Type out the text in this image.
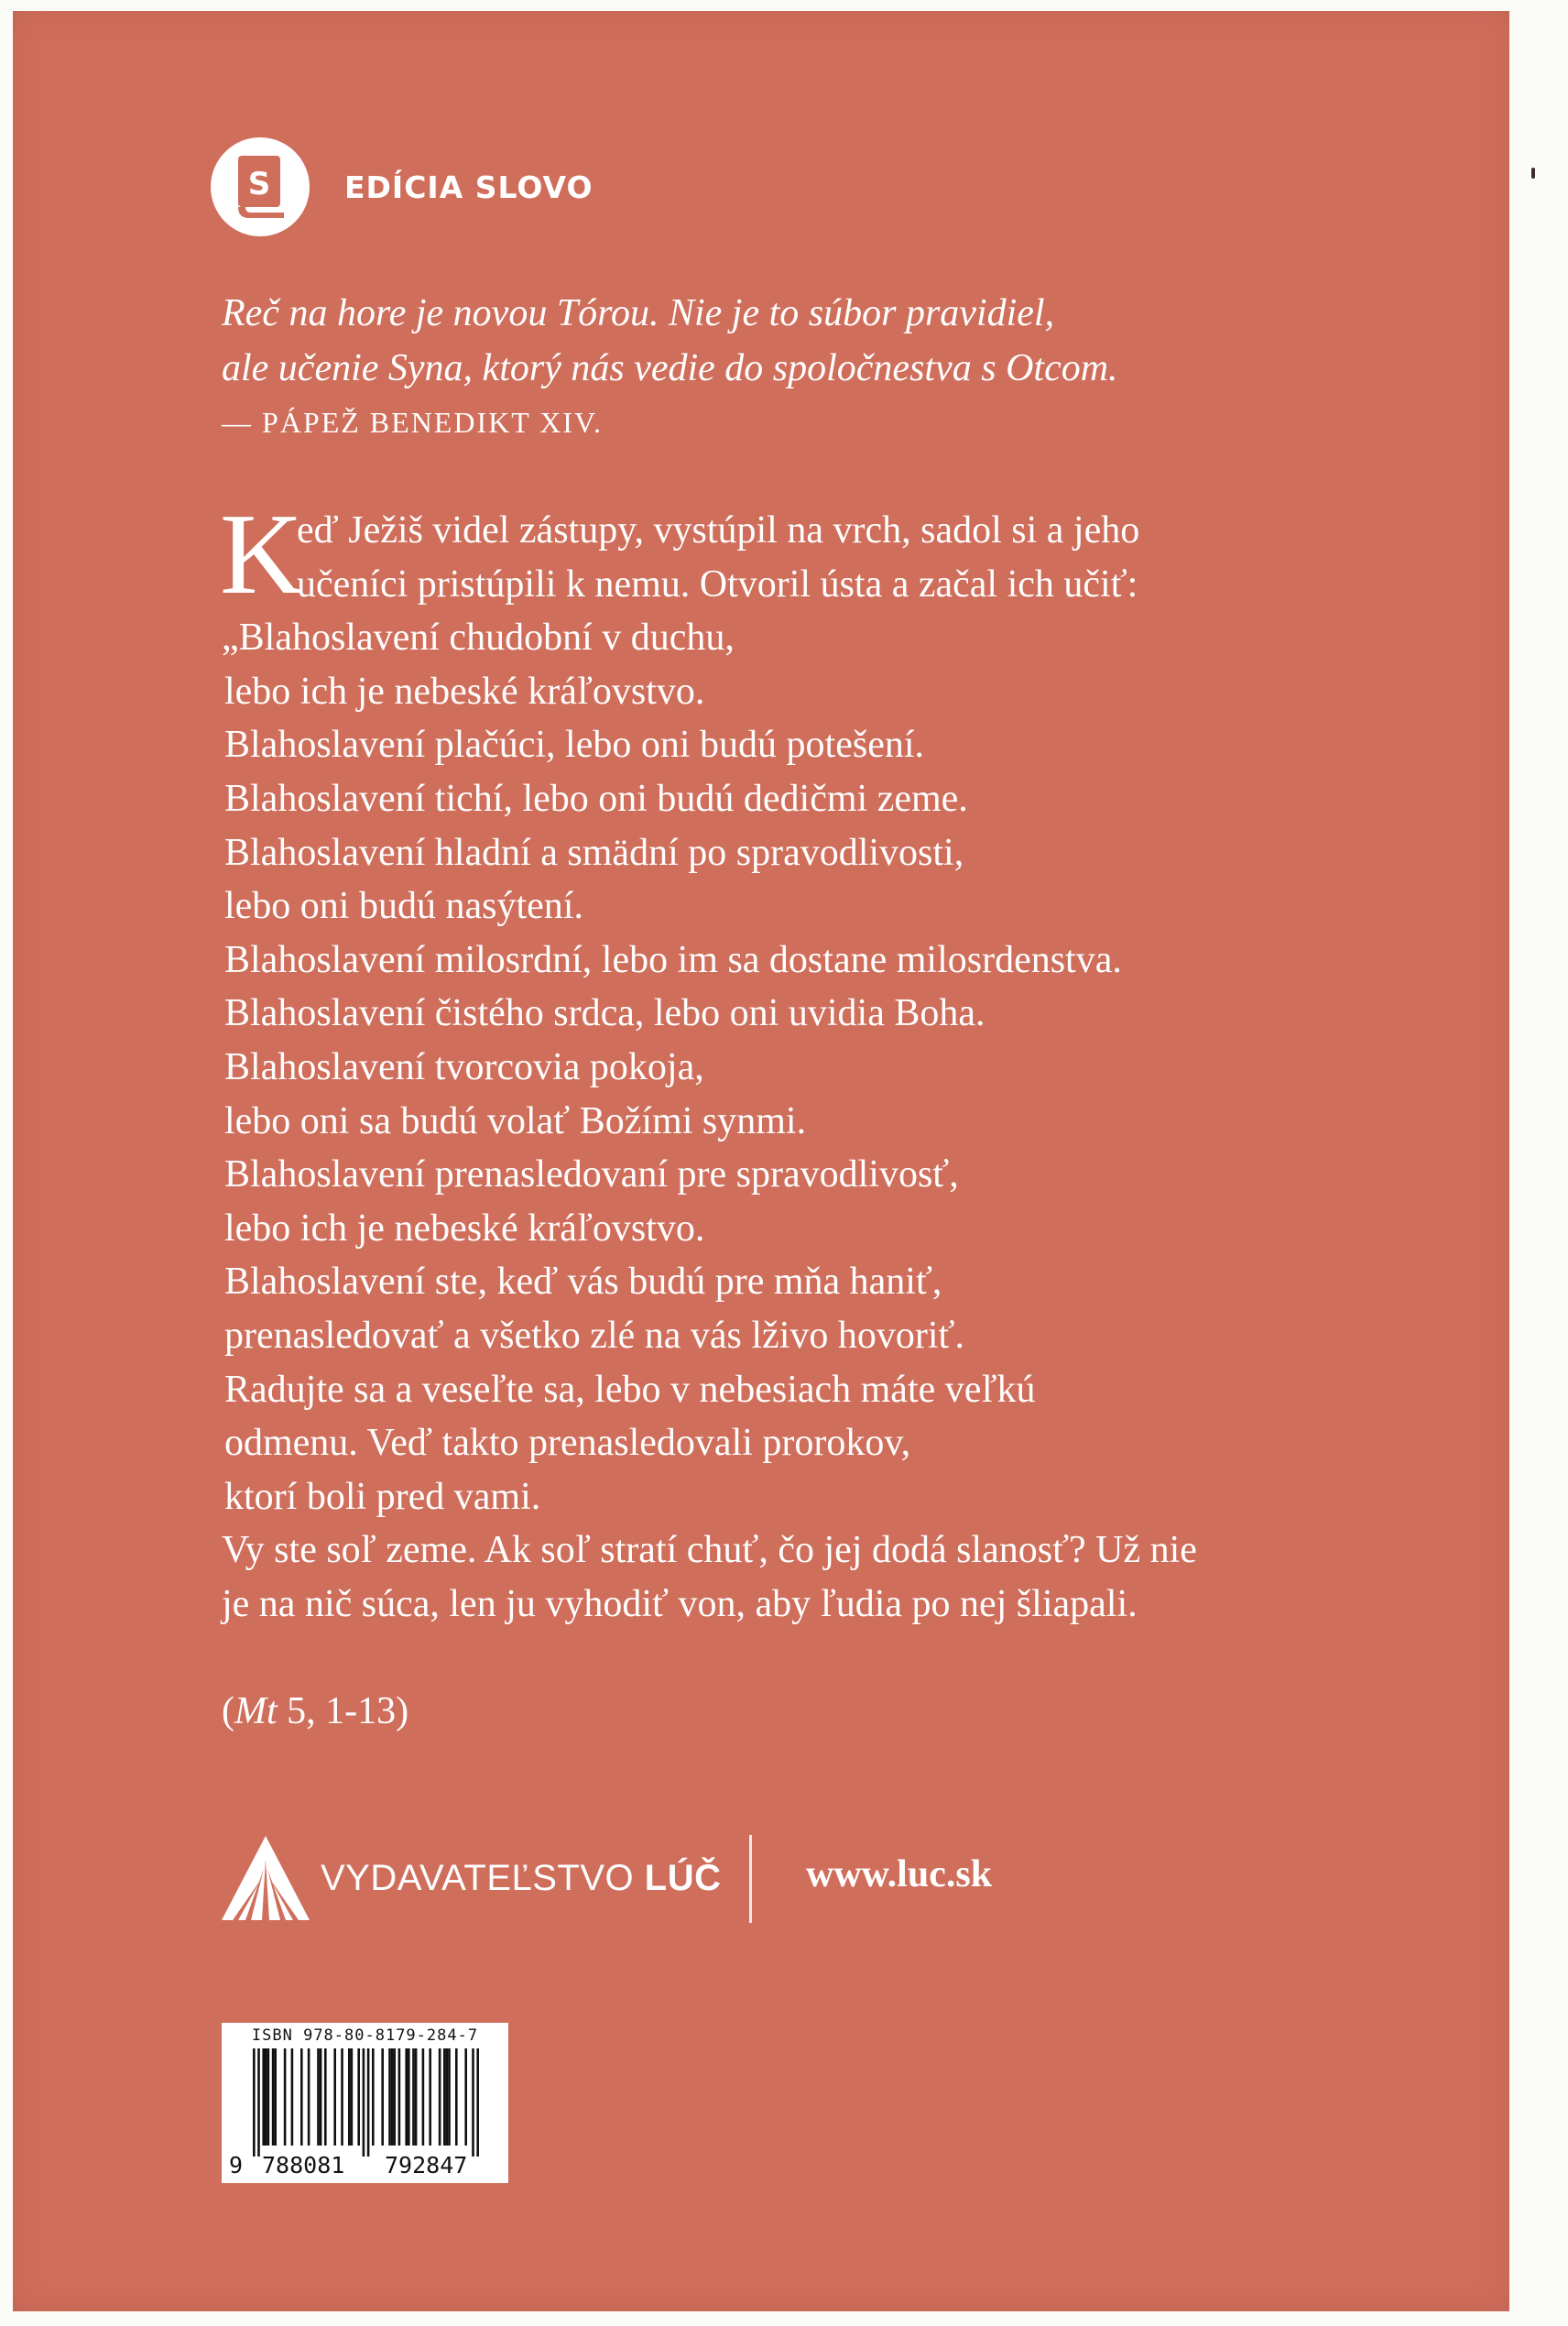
S EDÍCIA SLOVO
Reč na hore je novou Tórou. Nie je to súbor pravidiel,
ale učenie Syna, ktorý nás vedie do spoločnestva s Otcom.
— PÁPEŽ BENEDIKT XIV.
K
eď Ježiš videl zástupy, vystúpil na vrch, sadol si a jeho
učeníci pristúpili k nemu. Otvoril ústa a začal ich učiť:
„Blahoslavení chudobní v duchu,
lebo ich je nebeské kráľovstvo.
Blahoslavení plačúci, lebo oni budú potešení.
Blahoslavení tichí, lebo oni budú dedičmi zeme.
Blahoslavení hladní a smädní po spravodlivosti,
lebo oni budú nasýtení.
Blahoslavení milosrdní, lebo im sa dostane milosrdenstva.
Blahoslavení čistého srdca, lebo oni uvidia Boha.
Blahoslavení tvorcovia pokoja,
lebo oni sa budú volať Božími synmi.
Blahoslavení prenasledovaní pre spravodlivosť,
lebo ich je nebeské kráľovstvo.
Blahoslavení ste, keď vás budú pre mňa haniť,
prenasledovať a všetko zlé na vás lživo hovoriť.
Radujte sa a veseľte sa, lebo v nebesiach máte veľkú
odmenu. Veď takto prenasledovali prorokov,
ktorí boli pred vami.
Vy ste soľ zeme. Ak soľ stratí chuť, čo jej dodá slanosť? Už nie
je na nič súca, len ju vyhodiť von, aby ľudia po nej šliapali.
(Mt 5, 1-13)
VYDAVATEĽSTVO LÚČ www.luc.sk
ISBN 978-80-8179-284-7
9 788081 792847
